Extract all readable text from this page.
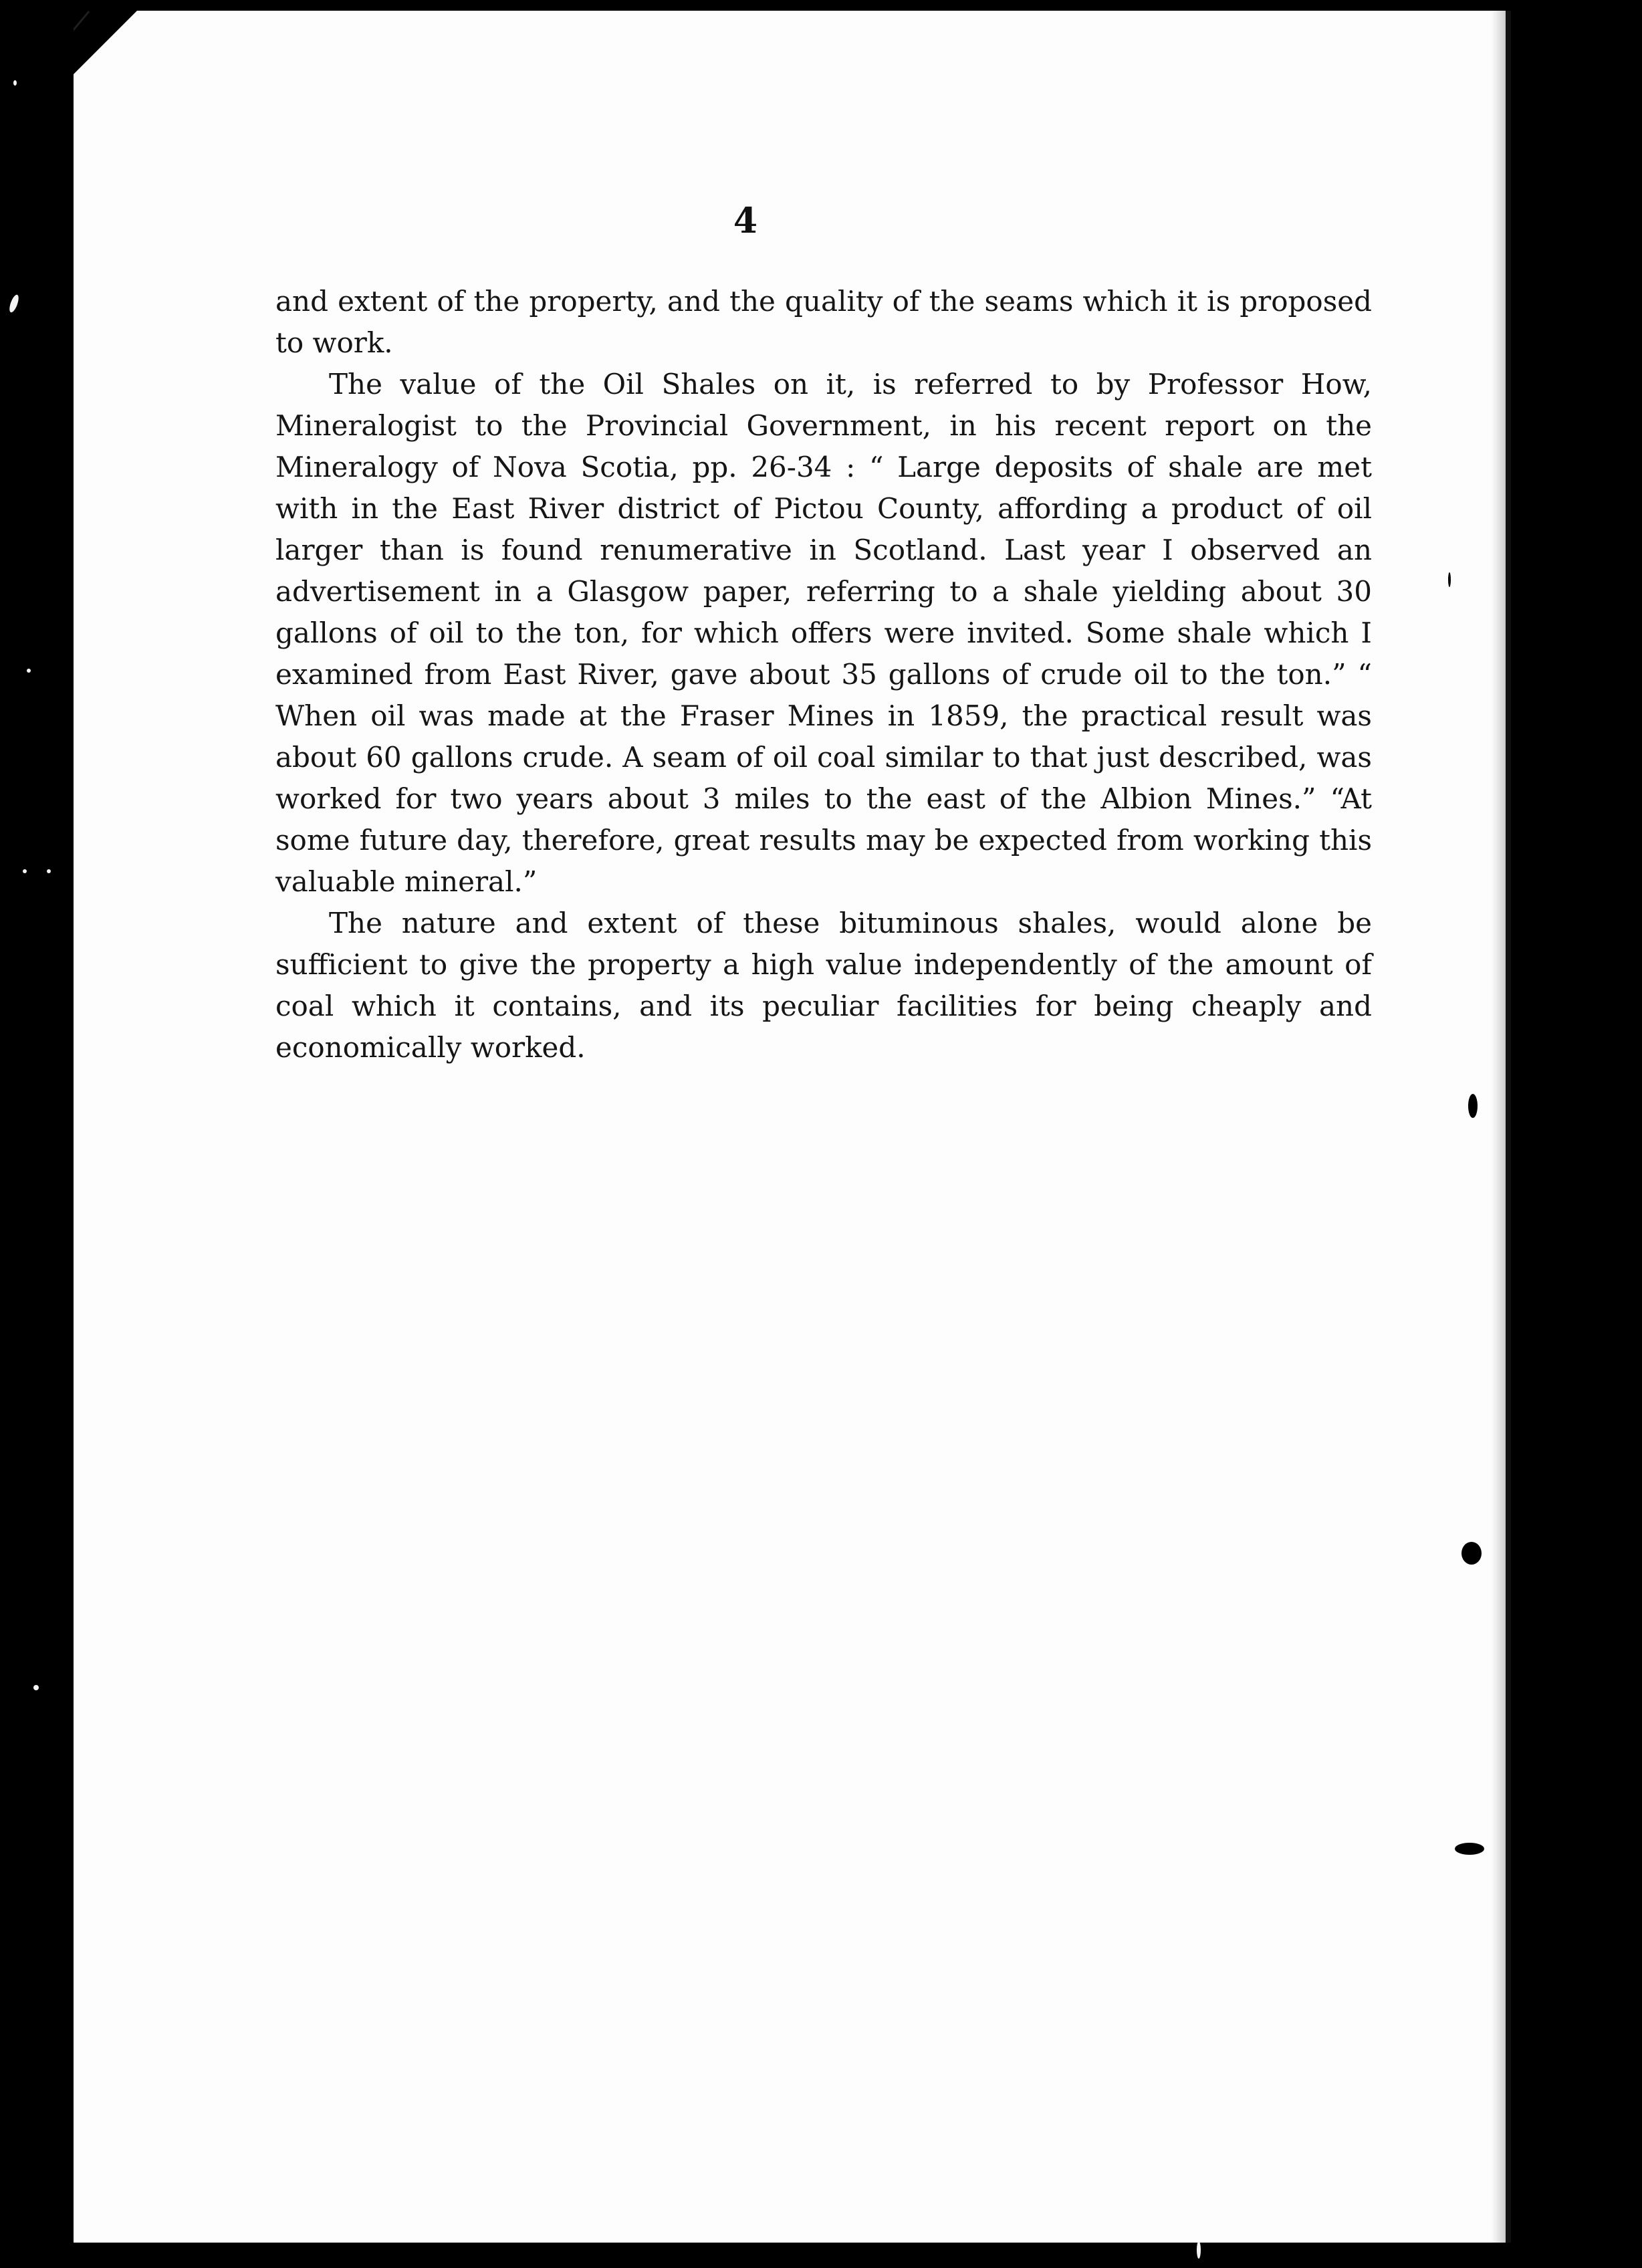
4

and extent of the property, and the quality of the seams which it is proposed to work.

The value of the Oil Shales on it, is referred to by Professor How, Mineralogist to the Provincial Government, in his recent report on the Mineralogy of Nova Scotia, pp. 26-34 : “ Large deposits of shale are met with in the East River district of Pictou County, affording a product of oil larger than is found renumerative in Scotland. Last year I observed an advertisement in a Glasgow paper, referring to a shale yielding about 30 gallons of oil to the ton, for which offers were invited. Some shale which I examined from East River, gave about 35 gallons of crude oil to the ton.” “ When oil was made at the Fraser Mines in 1859, the practical result was about 60 gallons crude. A seam of oil coal similar to that just described, was worked for two years about 3 miles to the east of the Albion Mines.” “At some future day, therefore, great results may be expected from working this valuable mineral.”

The nature and extent of these bituminous shales, would alone be sufficient to give the property a high value independently of the amount of coal which it contains, and its peculiar facilities for being cheaply and economically worked.
